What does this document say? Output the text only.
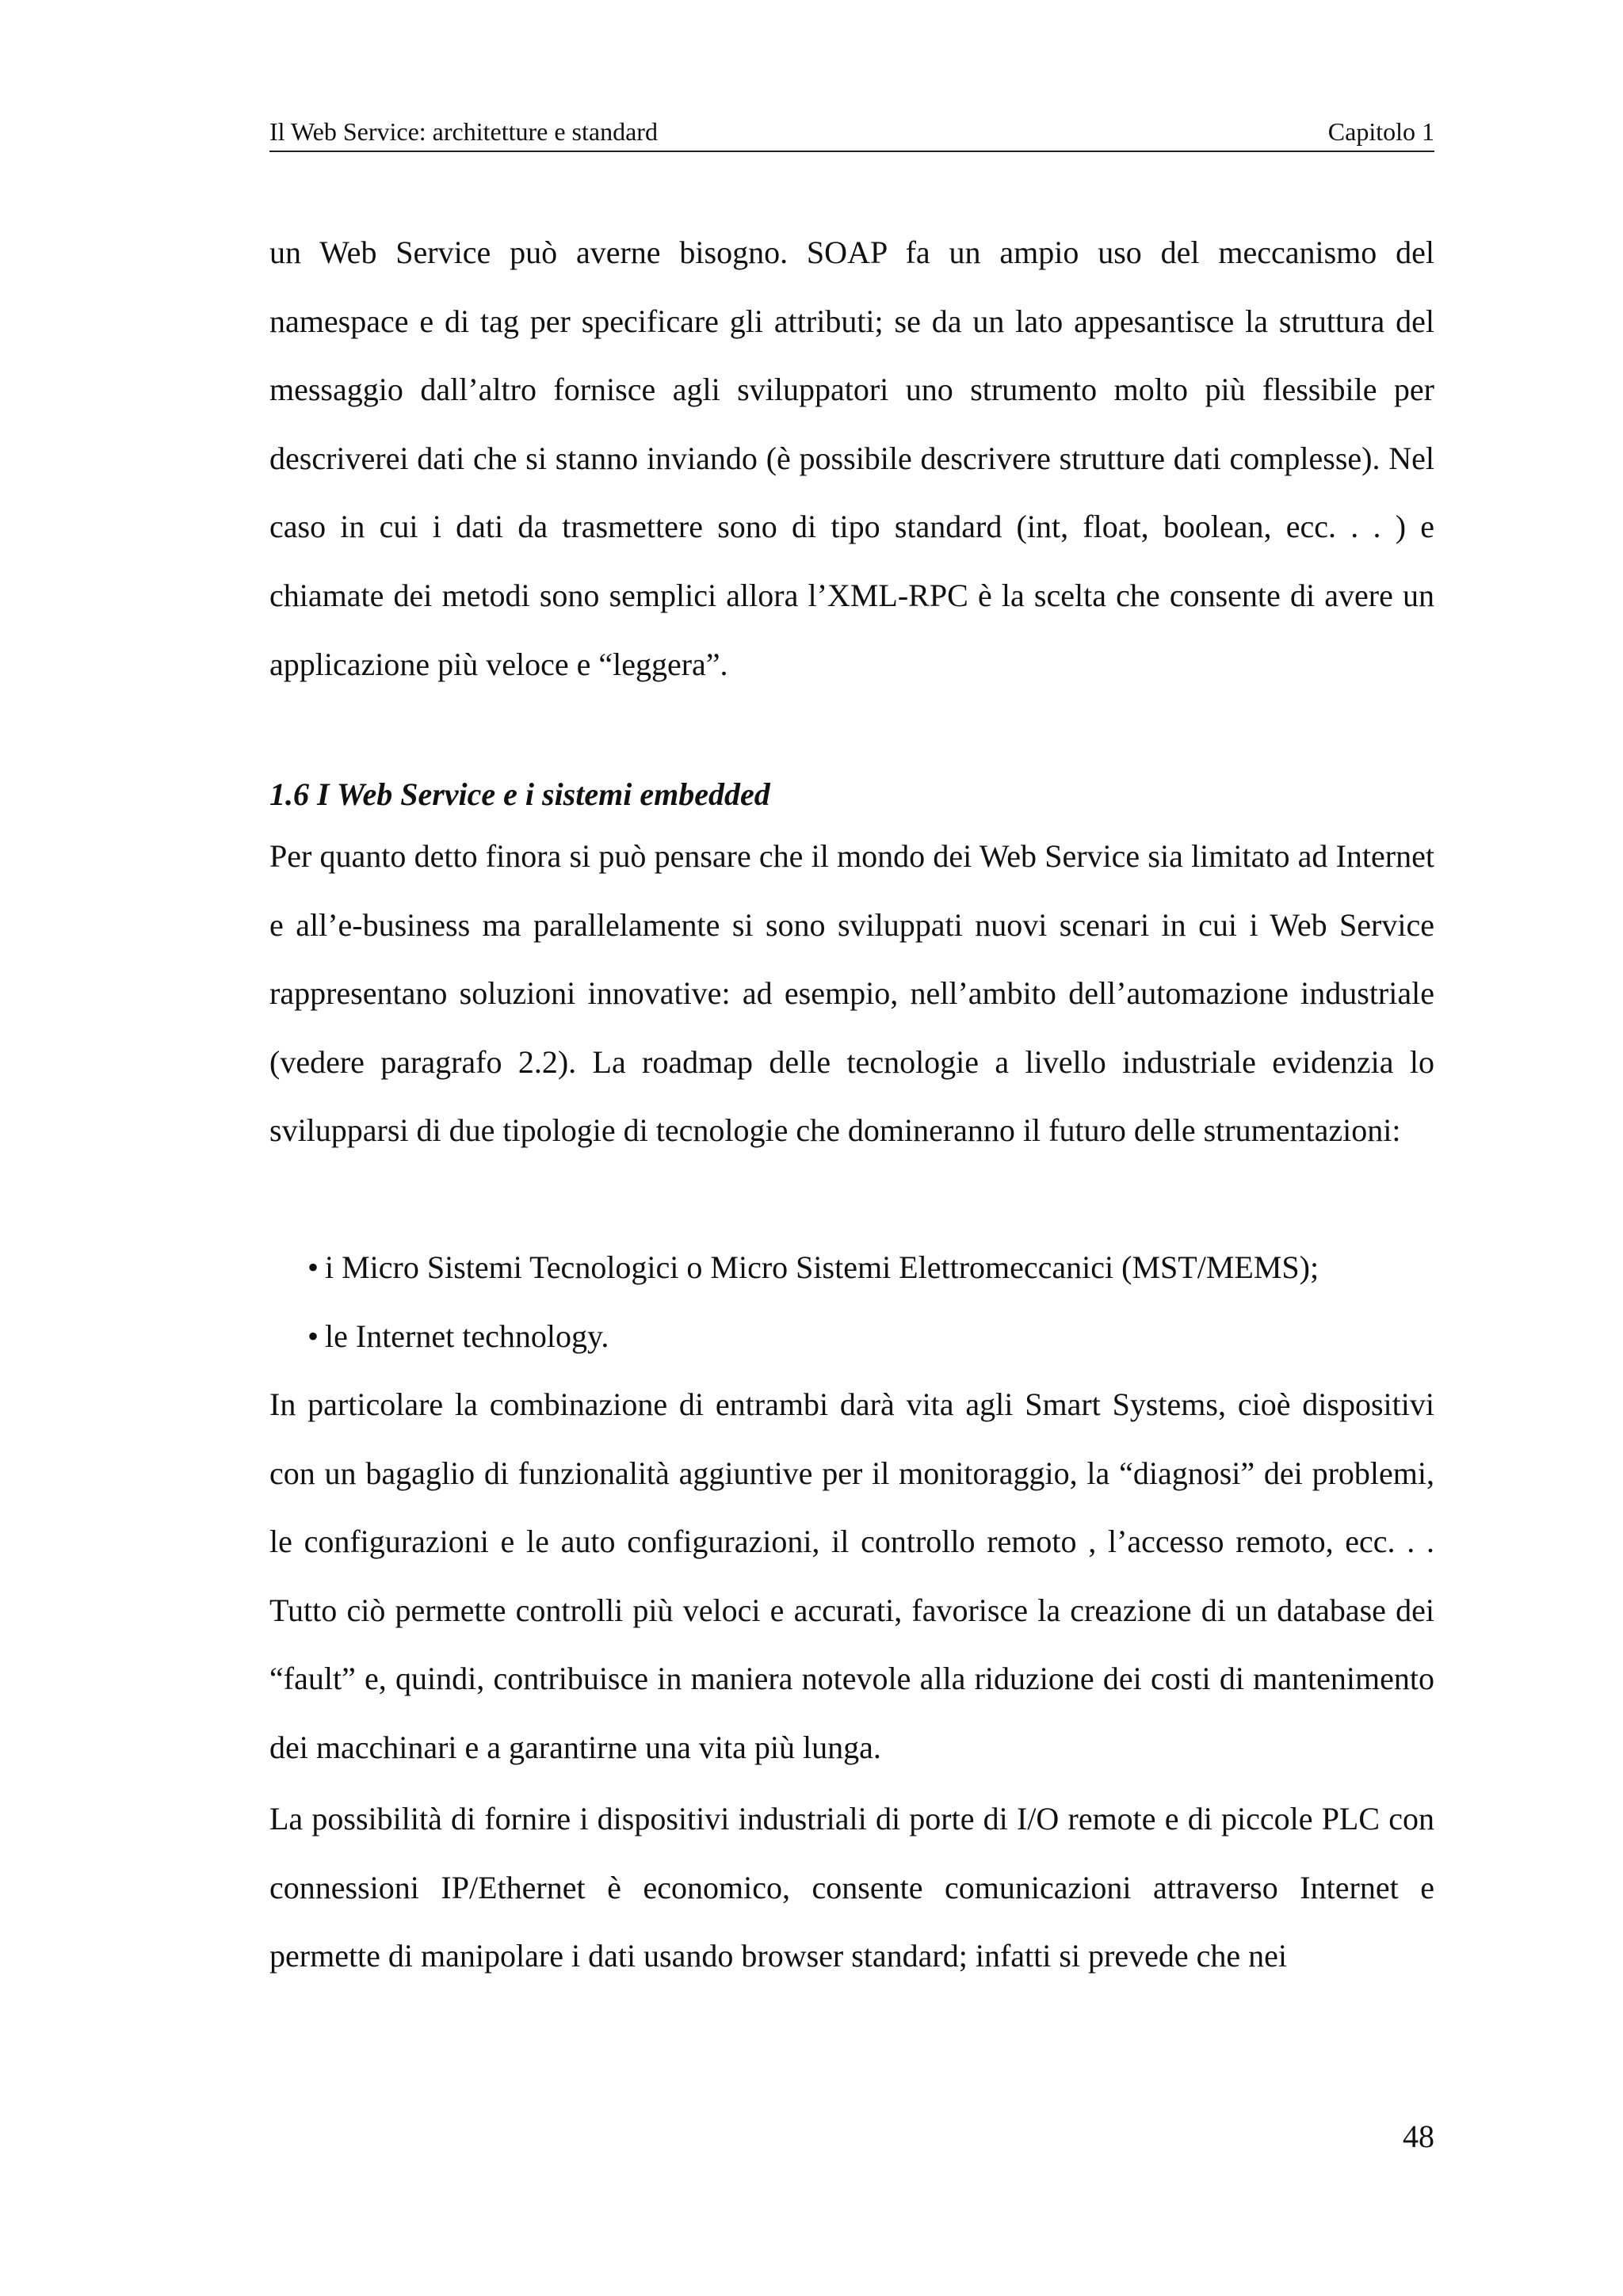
Il Web Service: architetture e standard	Capitolo 1

un Web Service può averne bisogno. SOAP fa un ampio uso del meccanismo del namespace e di tag per specificare gli attributi; se da un lato appesantisce la struttura del messaggio dall’altro fornisce agli sviluppatori uno strumento molto più flessibile per descriverei dati che si stanno inviando (è possibile descrivere strutture dati complesse). Nel caso in cui i dati da trasmettere sono di tipo standard (int, float, boolean, ecc. . . ) e chiamate dei metodi sono semplici allora l’XML-RPC è la scelta che consente di avere un applicazione più veloce e “leggera”.

1.6 I Web Service e i sistemi embedded

Per quanto detto finora si può pensare che il mondo dei Web Service sia limitato ad Internet e all’e-business ma parallelamente si sono sviluppati nuovi scenari in cui i Web Service rappresentano soluzioni innovative: ad esempio, nell’ambito dell’automazione industriale (vedere paragrafo 2.2). La roadmap delle tecnologie a livello industriale evidenzia lo svilupparsi di due tipologie di tecnologie che domineranno il futuro delle strumentazioni:

• i Micro Sistemi Tecnologici o Micro Sistemi Elettromeccanici (MST/MEMS);
• le Internet technology.

In particolare la combinazione di entrambi darà vita agli Smart Systems, cioè dispositivi con un bagaglio di funzionalità aggiuntive per il monitoraggio, la “diagnosi” dei problemi, le configurazioni e le auto configurazioni, il controllo remoto , l’accesso remoto, ecc. . . Tutto ciò permette controlli più veloci e accurati, favorisce la creazione di un database dei “fault” e, quindi, contribuisce in maniera notevole alla riduzione dei costi di mantenimento dei macchinari e a garantirne una vita più lunga.

La possibilità di fornire i dispositivi industriali di porte di I/O remote e di piccole PLC con connessioni IP/Ethernet è economico, consente comunicazioni attraverso Internet e permette di manipolare i dati usando browser standard; infatti si prevede che nei

48
